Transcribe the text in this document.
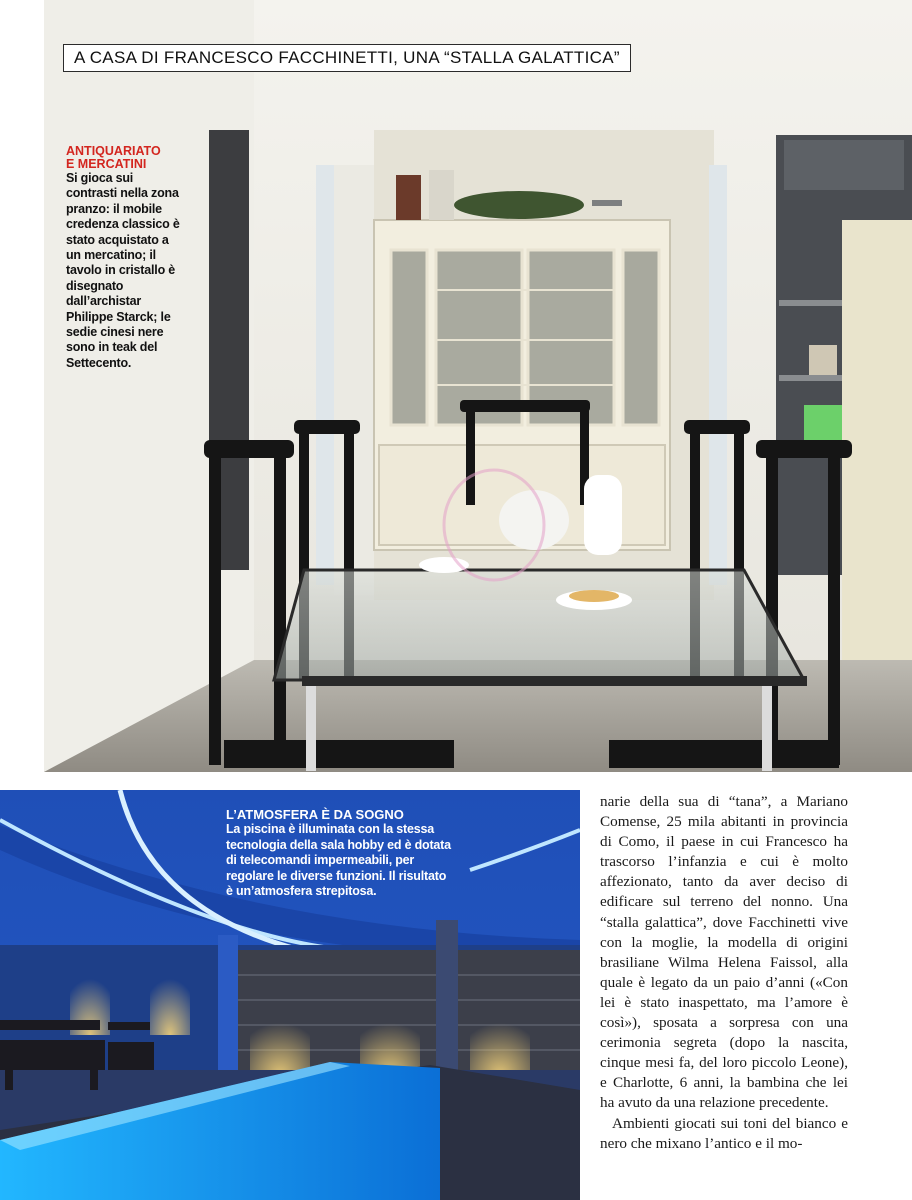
A CASA DI FRANCESCO FACCHINETTI, UNA “STALLA GALATTICA”
ANTIQUARIATO
E MERCATINI
Si gioca sui contrasti nella zona pranzo: il mobile credenza classico è stato acquistato a un mercatino; il tavolo in cristallo è disegnato dall’archistar Philippe Starck; le sedie cinesi nere sono in teak del Settecento.
L’ATMOSFERA È DA SOGNO
La piscina è illuminata con la stessa tecnologia della sala hobby ed è dotata di telecomandi impermeabili, per regolare le diverse funzioni. Il risultato è un’atmosfera strepitosa.

narie della sua di “tana”, a Mariano Comense, 25 mila abitanti in provincia di Como, il paese in cui Francesco ha trascorso l’infanzia e cui è molto affezionato, tanto da aver deciso di edificare sul terreno del nonno. Una “stalla galattica”, dove Facchinetti vive con la moglie, la modella di origini brasiliane Wilma Helena Faissol, alla quale è legato da un paio d’anni («Con lei è stato inaspettato, ma l’amore è così»), sposata a sorpresa con una cerimonia segreta (dopo la nascita, cinque mesi fa, del loro piccolo Leone), e Charlotte, 6 anni, la bambina che lei ha avuto da una relazione precedente.

Ambienti giocati sui toni del bianco e nero che mixano l’antico e il mo-
